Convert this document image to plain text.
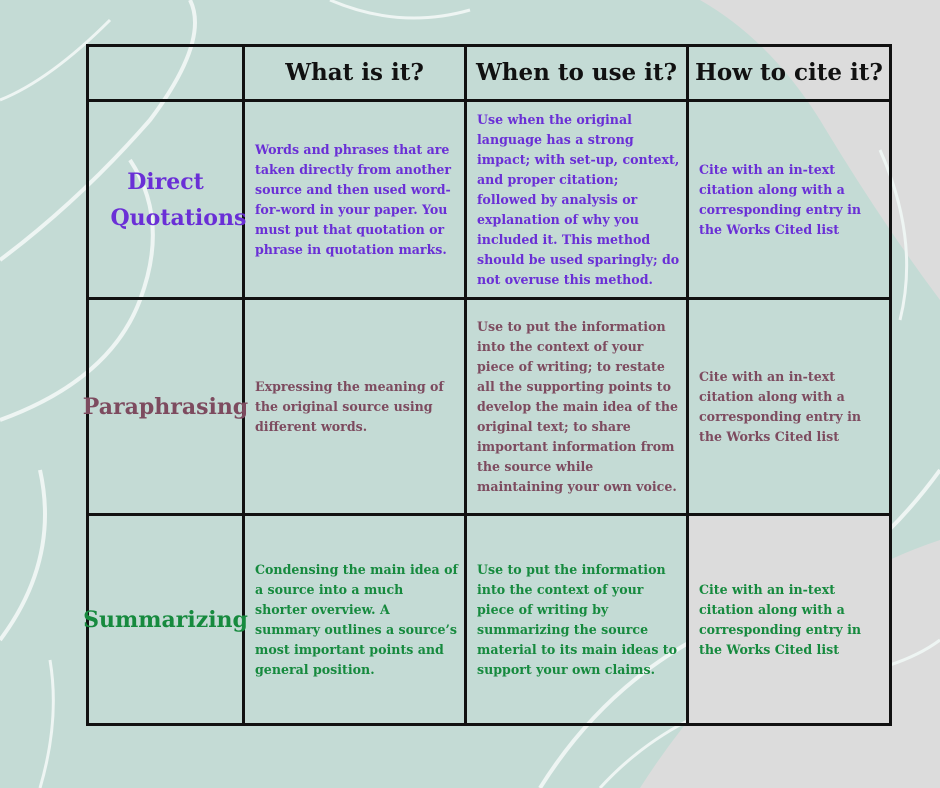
What is it?	When to use it? How to cite it?
Direct Quotations
Words and phrases that are taken directly from another source and then used word-for-word in your paper. You must put that quotation or phrase in quotation marks.
Use when the original language has a strong impact; with set-up, context, and proper citation; followed by analysis or explanation of why you included it. This method should be used sparingly; do not overuse this method.
Cite with an in-text citation along with a corresponding entry in the Works Cited list
Paraphrasing
Expressing the meaning of the original source using different words.
Use to put the information into the context of your piece of writing; to restate all the supporting points to develop the main idea of the original text; to share important information from the source while maintaining your own voice.
Cite with an in-text citation along with a corresponding entry in the Works Cited list
Summarizing
Condensing the main idea of a source into a much shorter overview. A summary outlines a source’s most important points and general position.
Use to put the information into the context of your piece of writing by summarizing the source material to its main ideas to support your own claims.
Cite with an in-text citation along with a corresponding entry in the Works Cited list
